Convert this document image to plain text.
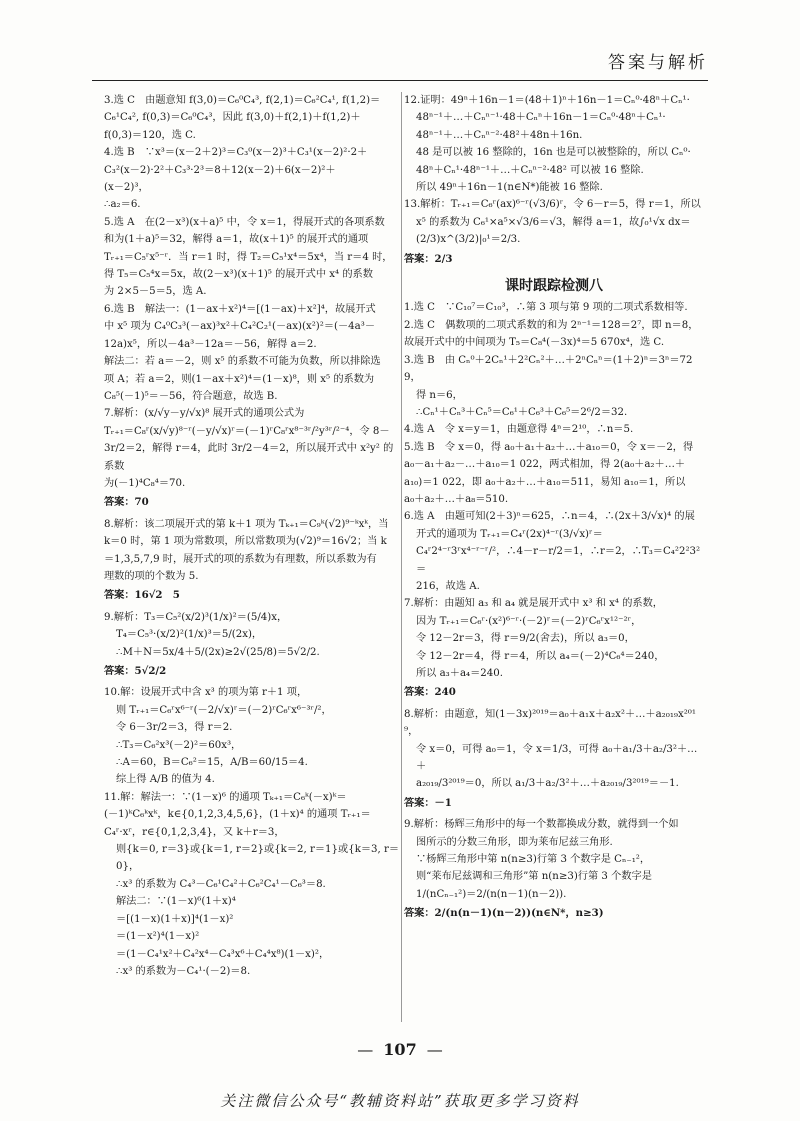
答案与解析
3.选 C　由题意知 f(3,0)＝C₆⁰C₄³, f(2,1)＝C₆²C₄¹, f(1,2)＝
C₆¹C₄², f(0,3)＝C₆⁰C₄³，因此 f(3,0)＋f(2,1)＋f(1,2)＋
f(0,3)＝120，选 C.
4.选 B　∵x³＝(x－2＋2)³＝C₃⁰(x－2)³＋C₃¹(x－2)²·2＋
C₃²(x－2)·2²＋C₃³·2³＝8＋12(x－2)＋6(x－2)²＋
(x－2)³，
∴a₂＝6.
5.选 A　在(2－x³)(x＋a)⁵ 中，令 x＝1，得展开式的各项系数
和为(1＋a)⁵＝32，解得 a＝1，故(x＋1)⁵ 的展开式的通项
Tᵣ₊₁＝C₅ʳx⁵⁻ʳ．当 r＝1 时，得 T₂＝C₅¹x⁴＝5x⁴，当 r＝4 时，
得 T₅＝C₅⁴x＝5x，故(2－x³)(x＋1)⁵ 的展开式中 x⁴ 的系数
为 2×5－5＝5，选 A.
6.选 B　解法一：(1－ax＋x²)⁴＝[(1－ax)＋x²]⁴，故展开式
中 x⁵ 项为 C₄⁰C₃³(－ax)³x²＋C₄²C₂¹(－ax)(x²)²＝(－4a³－
12a)x⁵，所以－4a³－12a＝－56，解得 a＝2.
解法二：若 a＝－2，则 x⁵ 的系数不可能为负数，所以排除选
项 A；若 a＝2，则(1－ax＋x²)⁴＝(1－x)⁸，则 x⁵ 的系数为
C₈⁵(－1)⁵＝－56，符合题意，故选 B.
7.解析：(x/√y－y/√x)⁸ 展开式的通项公式为
Tᵣ₊₁＝C₈ʳ(x/√y)⁸⁻ʳ(－y/√x)ʳ＝(－1)ʳC₈ʳx⁸⁻³ʳ/²y³ʳ/²⁻⁴，令 8－
3r/2＝2，解得 r＝4，此时 3r/2－4＝2，所以展开式中 x²y² 的系数
为(－1)⁴C₈⁴＝70.
答案：70
8.解析：该二项展开式的第 k＋1 项为 Tₖ₊₁＝C₉ᵏ(√2)⁹⁻ᵏxᵏ，当
k＝0 时，第 1 项为常数项，所以常数项为(√2)⁹＝16√2；当 k
＝1,3,5,7,9 时，展开式的项的系数为有理数，所以系数为有
理数的项的个数为 5.
答案：16√2　5
9.解析：T₃＝C₅²(x/2)³(1/x)²＝(5/4)x，
T₄＝C₅³·(x/2)²(1/x)³＝5/(2x)，
∴M＋N＝5x/4＋5/(2x)≥2√(25/8)＝5√2/2.
答案：5√2/2
10.解：设展开式中含 x³ 的项为第 r＋1 项，
则 Tᵣ₊₁＝C₆ʳx⁶⁻ʳ(－2/√x)ʳ＝(－2)ʳC₆ʳx⁶⁻³ʳ/²，
令 6－3r/2＝3，得 r＝2.
∴T₃＝C₆²x³(－2)²＝60x³，
∴A＝60，B＝C₆²＝15，A/B＝60/15＝4.
综上得 A/B 的值为 4.
11.解：解法一：∵(1－x)⁶ 的通项 Tₖ₊₁＝C₆ᵏ(－x)ᵏ＝
(－1)ᵏC₆ᵏxᵏ，k∈{0,1,2,3,4,5,6}，(1＋x)⁴ 的通项 Tᵣ₊₁＝
C₄ʳ·xʳ，r∈{0,1,2,3,4}，又 k＋r＝3，
则{k＝0, r＝3}或{k＝1, r＝2}或{k＝2, r＝1}或{k＝3, r＝0}，
∴x³ 的系数为 C₄³－C₆¹C₄²＋C₆²C₄¹－C₆³＝8.
解法二：∵(1－x)⁶(1＋x)⁴
＝[(1－x)(1＋x)]⁴(1－x)²
＝(1－x²)⁴(1－x)²
＝(1－C₄¹x²＋C₄²x⁴－C₄³x⁶＋C₄⁴x⁸)(1－x)²，
∴x³ 的系数为－C₄¹·(－2)＝8.
12.证明：49ⁿ＋16n－1＝(48＋1)ⁿ＋16n－1＝Cₙ⁰·48ⁿ＋Cₙ¹·
48ⁿ⁻¹＋…＋Cₙⁿ⁻¹·48＋Cₙⁿ＋16n－1＝Cₙ⁰·48ⁿ＋Cₙ¹·
48ⁿ⁻¹＋…＋Cₙⁿ⁻²·48²＋48n＋16n.
48 是可以被 16 整除的，16n 也是可以被整除的，所以 Cₙ⁰·
48ⁿ＋Cₙ¹·48ⁿ⁻¹＋…＋Cₙⁿ⁻²·48² 可以被 16 整除.
所以 49ⁿ＋16n－1(n∈N*)能被 16 整除.
13.解析：Tᵣ₊₁＝C₆ʳ(ax)⁶⁻ʳ(√3/6)ʳ，令 6－r＝5，得 r＝1，所以
x⁵ 的系数为 C₆¹×a⁵×√3/6＝√3，解得 a＝1，故∫₀¹√x dx＝
(2/3)x^(3/2)|₀¹＝2/3.
答案：2/3
课时跟踪检测八
1.选 C　∵C₁₀⁷＝C₁₀³，∴第 3 项与第 9 项的二项式系数相等.
2.选 C　偶数项的二项式系数的和为 2ⁿ⁻¹＝128＝2⁷，即 n＝8，
故展开式中的中间项为 T₅＝C₈⁴(－3x)⁴＝5 670x⁴，选 C.
3.选 B　由 Cₙ⁰＋2Cₙ¹＋2²Cₙ²＋…＋2ⁿCₙⁿ＝(1＋2)ⁿ＝3ⁿ＝729，
得 n＝6，
∴Cₙ¹＋Cₙ³＋Cₙ⁵＝C₆¹＋C₆³＋C₆⁵＝2⁶/2＝32.
4.选 A　令 x＝y＝1，由题意得 4ⁿ＝2¹⁰，∴n＝5.
5.选 B　令 x＝0，得 a₀＋a₁＋a₂＋…＋a₁₀＝0，令 x＝－2，得
a₀－a₁＋a₂－…＋a₁₀＝1 022，两式相加，得 2(a₀＋a₂＋…＋
a₁₀)＝1 022，即 a₀＋a₂＋…＋a₁₀＝511，易知 a₁₀＝1，所以
a₀＋a₂＋…＋a₈＝510.
6.选 A　由题可知(2＋3)ⁿ＝625，∴n＝4，∴(2x＋3/√x)⁴ 的展
开式的通项为 Tᵣ₊₁＝C₄ʳ(2x)⁴⁻ʳ(3/√x)ʳ＝
C₄ʳ2⁴⁻ʳ3ʳx⁴⁻ʳ⁻ʳ/²，∴4－r－r/2＝1，∴r＝2，∴T₃＝C₄²2²3²＝
216，故选 A.
7.解析：由题知 a₃ 和 a₄ 就是展开式中 x³ 和 x⁴ 的系数，
因为 Tᵣ₊₁＝C₆ʳ·(x²)⁶⁻ʳ·(－2)ʳ＝(－2)ʳC₆ʳx¹²⁻²ʳ，
令 12－2r＝3，得 r＝9/2(舍去)，所以 a₃＝0，
令 12－2r＝4，得 r＝4，所以 a₄＝(－2)⁴C₆⁴＝240，
所以 a₃＋a₄＝240.
答案：240
8.解析：由题意，知(1－3x)²⁰¹⁹＝a₀＋a₁x＋a₂x²＋…＋a₂₀₁₉x²⁰¹⁹，
令 x＝0，可得 a₀＝1，令 x＝1/3，可得 a₀＋a₁/3＋a₂/3²＋…＋
a₂₀₁₉/3²⁰¹⁹＝0，所以 a₁/3＋a₂/3²＋…＋a₂₀₁₉/3²⁰¹⁹＝－1.
答案：－1
9.解析：杨辉三角形中的每一个数都换成分数，就得到一个如
图所示的分数三角形，即为莱布尼兹三角形.
∵杨辉三角形中第 n(n≥3)行第 3 个数字是 Cₙ₋₁²，
则“莱布尼兹调和三角形”第 n(n≥3)行第 3 个数字是
1/(nCₙ₋₁²)＝2/(n(n－1)(n－2)).
答案：2/(n(n－1)(n－2))(n∈N*，n≥3)
— 107 —
关注微信公众号“教辅资料站”获取更多学习资料
